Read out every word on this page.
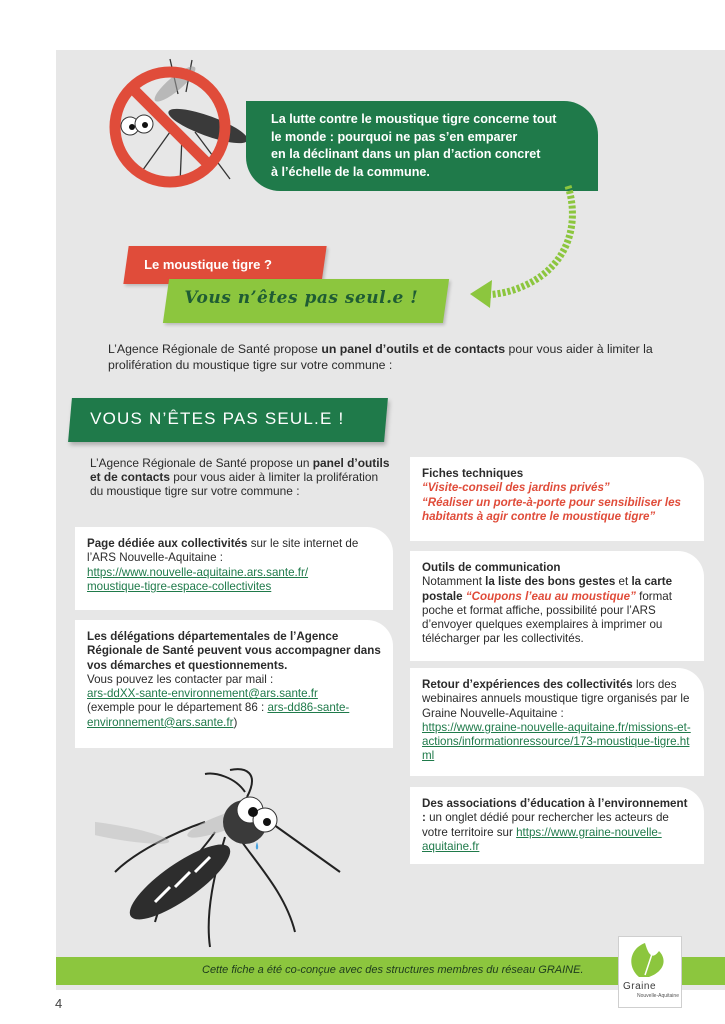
La lutte contre le moustique tigre concerne tout
le monde : pourquoi ne pas s’en emparer
en la déclinant dans un plan d’action concret
à l’échelle de la commune.
Le moustique tigre ?
Vous n’êtes pas seul.e !
L’Agence Régionale de Santé propose un panel d’outils et de contacts pour vous aider à limiter la prolifération du moustique tigre sur votre commune :
VOUS N’ÊTES PAS SEUL.E !
L’Agence Régionale de Santé propose un panel d’outils et de contacts pour vous aider à limiter la prolifération du moustique tigre sur votre commune :
Page dédiée aux collectivités sur le site internet de l’ARS Nouvelle-Aquitaine :
https://www.nouvelle-aquitaine.ars.sante.fr/
moustique-tigre-espace-collectivites
Les délégations départementales de l’Agence Régionale de Santé peuvent vous accompagner dans vos démarches et questionnements.
Vous pouvez les contacter par mail :
ars-ddXX-sante-environnement@ars.sante.fr
(exemple pour le département 86 : ars-dd86-sante-environnement@ars.sante.fr)
Fiches techniques
“Visite-conseil des jardins privés”
“Réaliser un porte-à-porte pour sensibiliser les habitants à agir contre le moustique tigre”
Outils de communication
Notamment la liste des bons gestes et la carte postale “Coupons l’eau au moustique” format poche et format affiche, possibilité pour l’ARS d’envoyer quelques exemplaires à imprimer ou télécharger par les collectivités.
Retour d’expériences des collectivités lors des webinaires annuels moustique tigre organisés par le Graine Nouvelle-Aquitaine :
https://www.graine-nouvelle-aquitaine.fr/missions-et-actions/informationressource/173-moustique-tigre.html
Des associations d’éducation à l’environnement : un onglet dédié pour rechercher les acteurs de votre territoire sur https://www.graine-nouvelle-aquitaine.fr
Cette fiche a été co-conçue avec des structures membres du réseau GRAINE.
Graine
Nouvelle-Aquitaine
4
